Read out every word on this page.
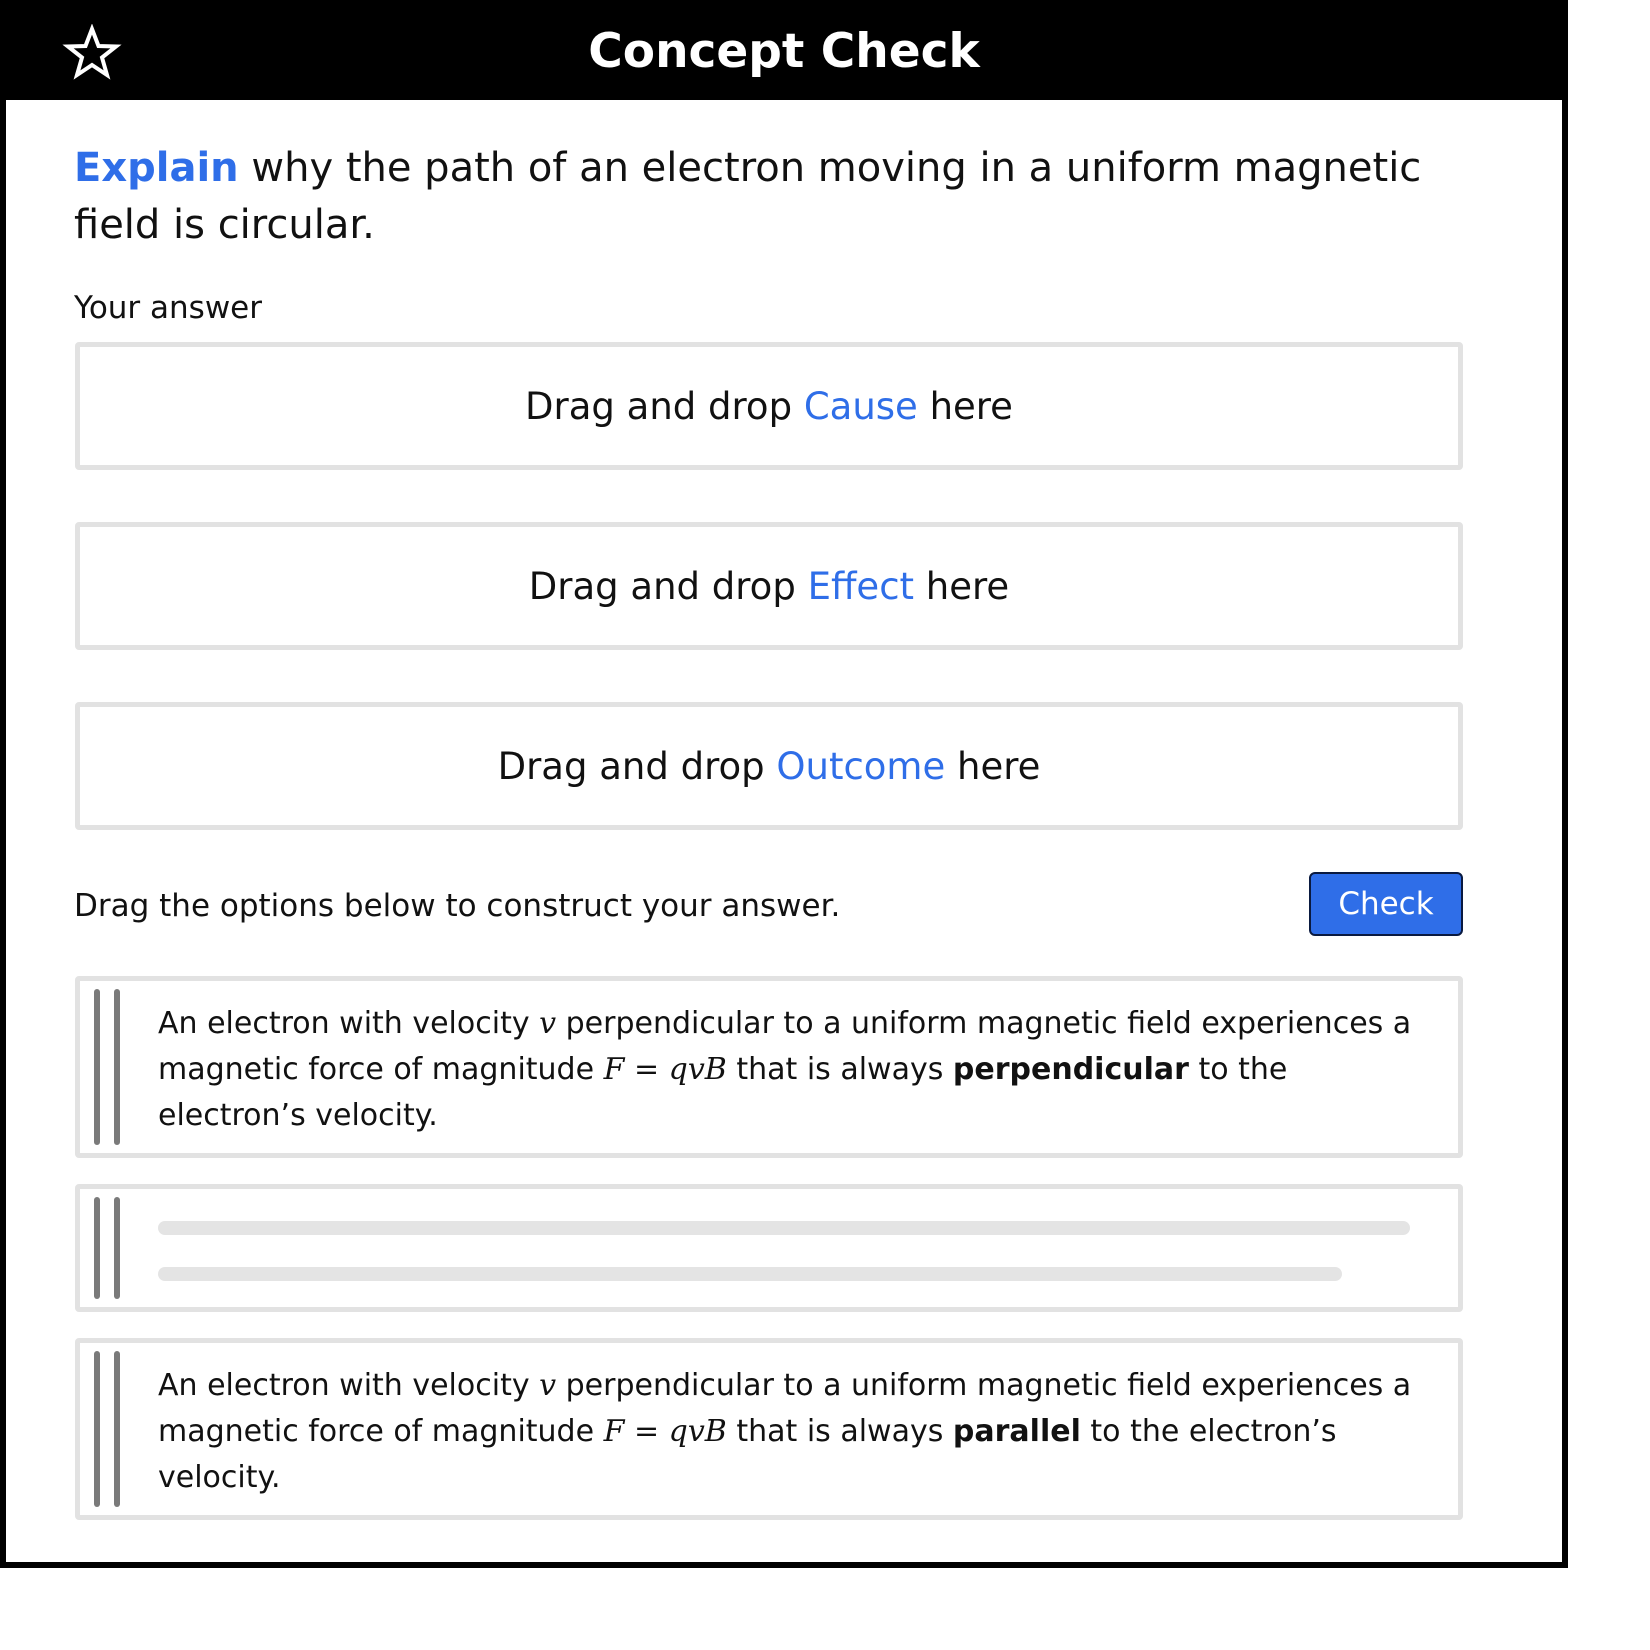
Concept Check
Explain why the path of an electron moving in a uniform magnetic field is circular.
Your answer
Drag and drop Cause here
Drag and drop Effect here
Drag and drop Outcome here
Drag the options below to construct your answer.	Check
An electron with velocity v perpendicular to a uniform magnetic field experiences a magnetic force of magnitude F = qvB that is always perpendicular to the electron’s velocity.
An electron with velocity v perpendicular to a uniform magnetic field experiences a magnetic force of magnitude F = qvB that is always parallel to the electron’s velocity.
